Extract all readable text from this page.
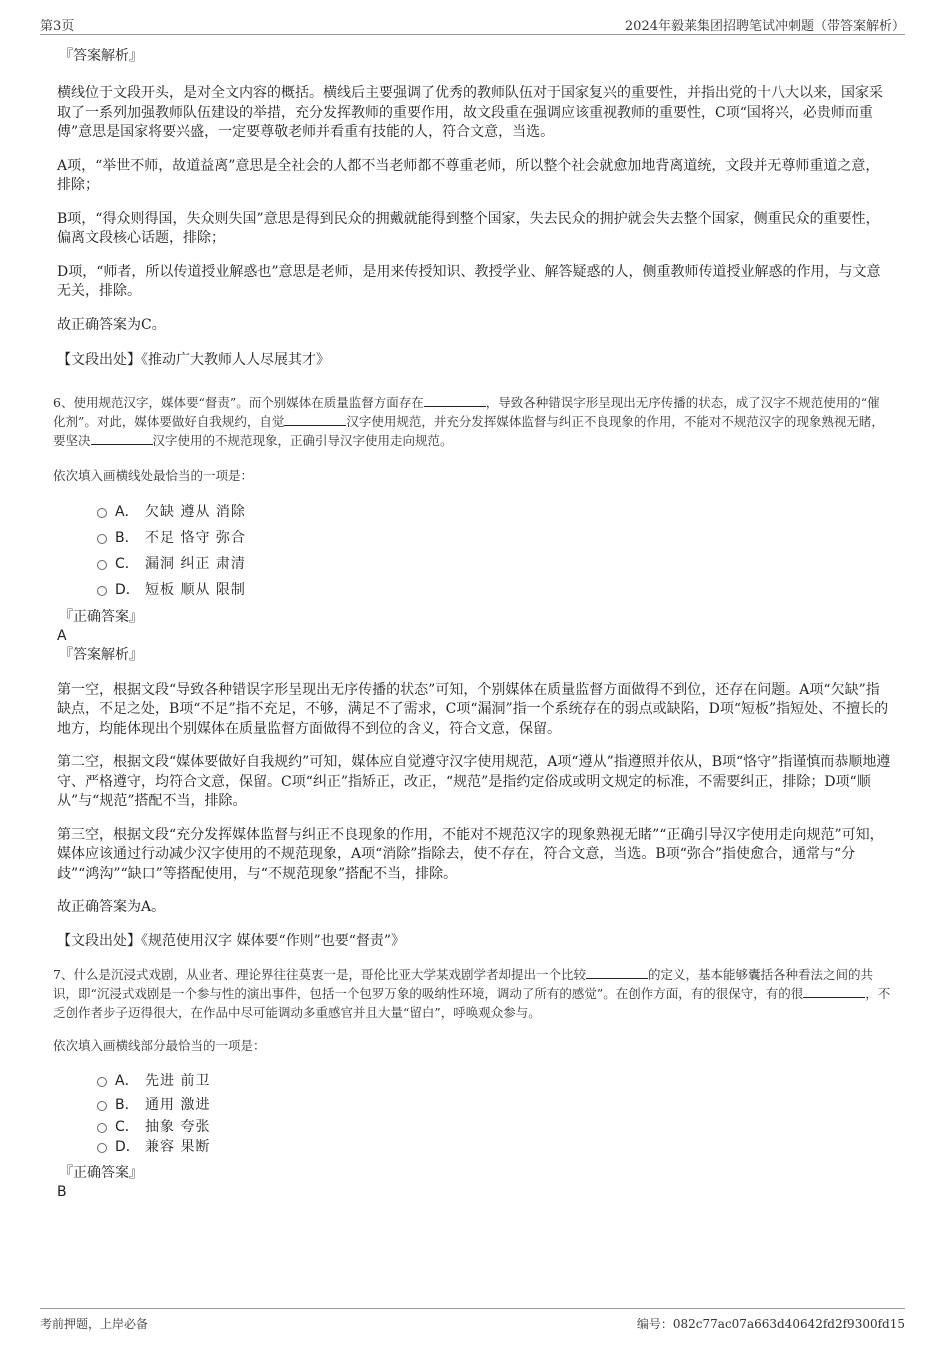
第3页	2024年毅莱集团招聘笔试冲刺题（带答案解析）
『答案解析』

横线位于文段开头，是对全文内容的概括。横线后主要强调了优秀的教师队伍对于国家复兴的重要性，并指出党的十八大以来，国家采取了一系列加强教师队伍建设的举措，充分发挥教师的重要作用，故文段重在强调应该重视教师的重要性，C项“国将兴，必贵师而重傅”意思是国家将要兴盛，一定要尊敬老师并看重有技能的人，符合文意，当选。

A项，“举世不师，故道益离”意思是全社会的人都不当老师都不尊重老师，所以整个社会就愈加地背离道统，文段并无尊师重道之意，排除；

B项，“得众则得国，失众则失国”意思是得到民众的拥戴就能得到整个国家，失去民众的拥护就会失去整个国家，侧重民众的重要性，偏离文段核心话题，排除；

D项，“师者，所以传道授业解惑也”意思是老师，是用来传授知识、教授学业、解答疑惑的人，侧重教师传道授业解惑的作用，与文意无关，排除。

故正确答案为C。

【文段出处】《推动广大教师人人尽展其才》

6、使用规范汉字，媒体要“督责”。而个别媒体在质量监督方面存在	，导致各种错误字形呈现出无序传播的状态，成了汉字不规范使用的“催化剂”。对此，媒体要做好自我规约，自觉	汉字使用规范，并充分发挥媒体监督与纠正不良现象的作用，不能对不规范汉字的现象熟视无睹，要坚决	汉字使用的不规范现象，正确引导汉字使用走向规范。

依次填入画横线处最恰当的一项是：

A． 欠缺 遵从 消除
B． 不足 恪守 弥合
C． 漏洞 纠正 肃清
D． 短板 顺从 限制
『正确答案』
A
『答案解析』

第一空，根据文段“导致各种错误字形呈现出无序传播的状态”可知，个别媒体在质量监督方面做得不到位，还存在问题。A项“欠缺”指缺点，不足之处，B项“不足”指不充足，不够，满足不了需求，C项“漏洞”指一个系统存在的弱点或缺陷，D项“短板”指短处、不擅长的地方，均能体现出个别媒体在质量监督方面做得不到位的含义，符合文意，保留。

第二空，根据文段“媒体要做好自我规约”可知，媒体应自觉遵守汉字使用规范，A项“遵从”指遵照并依从，B项“恪守”指谨慎而恭顺地遵守、严格遵守，均符合文意，保留。C项“纠正”指矫正，改正，“规范”是指约定俗成或明文规定的标准，不需要纠正，排除；D项“顺从”与“规范”搭配不当，排除。

第三空，根据文段“充分发挥媒体监督与纠正不良现象的作用，不能对不规范汉字的现象熟视无睹”“正确引导汉字使用走向规范”可知，媒体应该通过行动减少汉字使用的不规范现象，A项“消除”指除去，使不存在，符合文意，当选。B项“弥合”指使愈合，通常与“分歧”“鸿沟”“缺口”等搭配使用，与“不规范现象”搭配不当，排除。

故正确答案为A。

【文段出处】《规范使用汉字 媒体要“作则”也要“督责”》

7、什么是沉浸式戏剧，从业者、理论界往往莫衷一是，哥伦比亚大学某戏剧学者却提出一个比较	的定义，基本能够囊括各种看法之间的共识，即“沉浸式戏剧是一个参与性的演出事件，包括一个包罗万象的吸纳性环境，调动了所有的感觉”。在创作方面，有的很保守，有的很	，不乏创作者步子迈得很大，在作品中尽可能调动多重感官并且大量“留白”，呼唤观众参与。

依次填入画横线部分最恰当的一项是：

A． 先进 前卫
B． 通用 激进
C． 抽象 夸张
D． 兼容 果断
『正确答案』
B
考前押题，上岸必备	编号：082c77ac07a663d40642fd2f9300fd15
